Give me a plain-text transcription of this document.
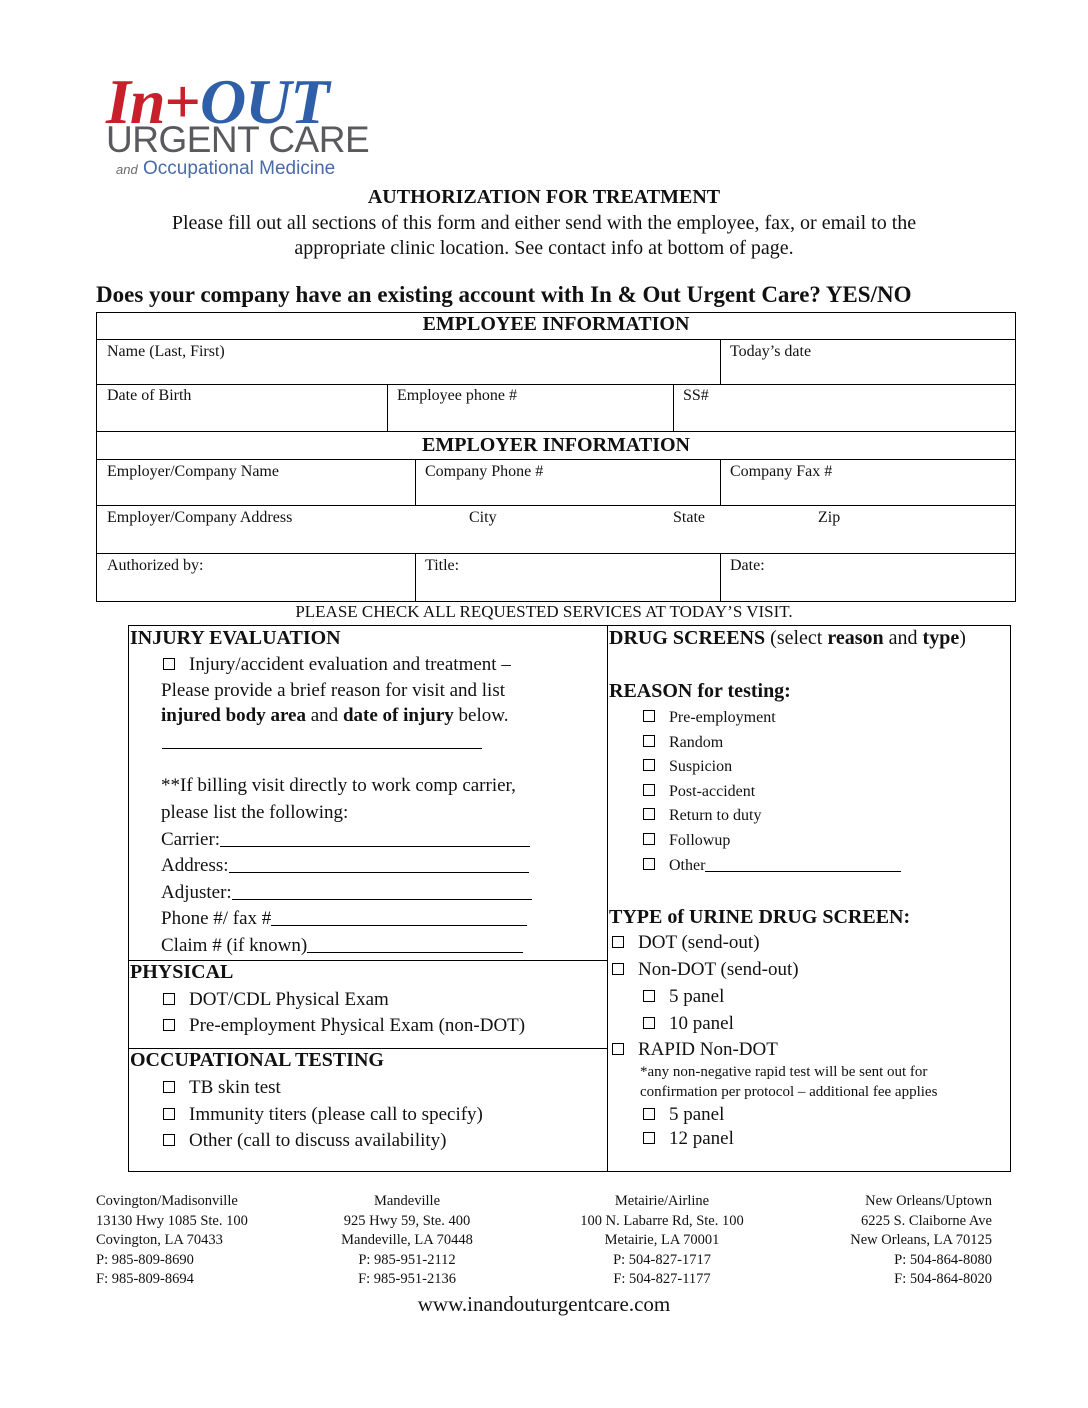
In+OUT
URGENT CARE
and Occupational Medicine
AUTHORIZATION FOR TREATMENT
Please fill out all sections of this form and either send with the employee, fax, or email to the
appropriate clinic location. See contact info at bottom of page.
Does your company have an existing account with In & Out Urgent Care? YES/NO
EMPLOYEE INFORMATION
Name (Last, First)	Today’s date
Date of Birth	Employee phone #	SS#
EMPLOYER INFORMATION
Employer/Company Name	Company Phone #	Company Fax #
Employer/Company Address	City	State	Zip
Authorized by:	Title:	Date:
PLEASE CHECK ALL REQUESTED SERVICES AT TODAY’S VISIT.
INJURY EVALUATION
Injury/accident evaluation and treatment –
Please provide a brief reason for visit and list
injured body area and date of injury below.
**If billing visit directly to work comp carrier,
please list the following:
Carrier:
Address:
Adjuster:
Phone #/ fax #
Claim # (if known)
PHYSICAL
DOT/CDL Physical Exam
Pre-employment Physical Exam (non-DOT)
OCCUPATIONAL TESTING
TB skin test
Immunity titers (please call to specify)
Other (call to discuss availability)
DRUG SCREENS (select reason and type)
REASON for testing:
Pre-employment
Random
Suspicion
Post-accident
Return to duty
Followup
Other
TYPE of URINE DRUG SCREEN:
DOT (send-out)
Non-DOT (send-out)
5 panel
10 panel
RAPID Non-DOT
*any non-negative rapid test will be sent out for
confirmation per protocol – additional fee applies
5 panel
12 panel
Covington/Madisonville
13130 Hwy 1085 Ste. 100
Covington, LA 70433
P: 985-809-8690
F: 985-809-8694
Mandeville
925 Hwy 59, Ste. 400
Mandeville, LA 70448
P: 985-951-2112
F: 985-951-2136
Metairie/Airline
100 N. Labarre Rd, Ste. 100
Metairie, LA 70001
P: 504-827-1717
F: 504-827-1177
New Orleans/Uptown
6225 S. Claiborne Ave
New Orleans, LA 70125
P: 504-864-8080
F: 504-864-8020
www.inandouturgentcare.com
